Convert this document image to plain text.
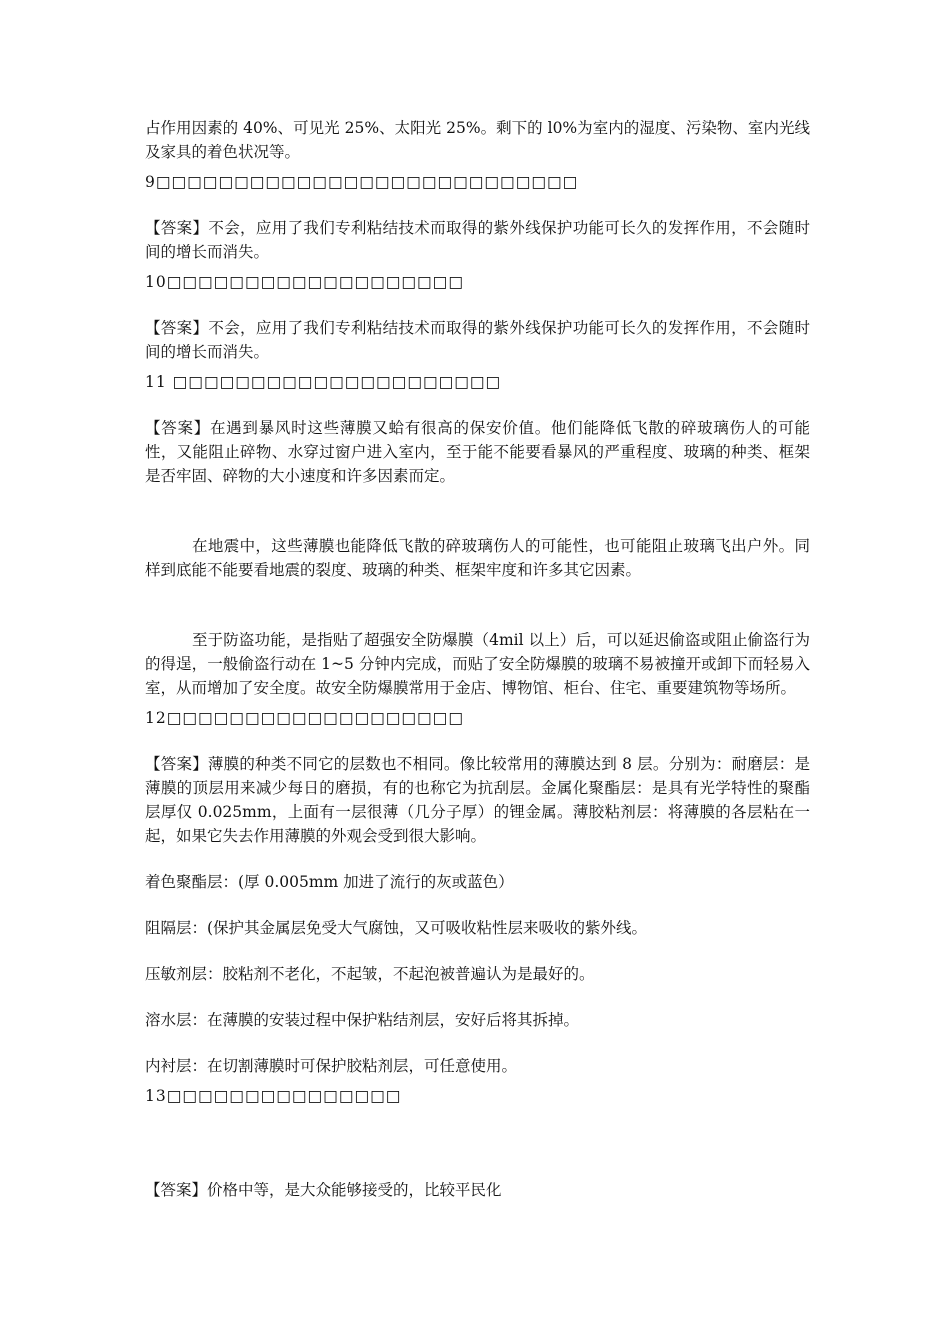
占作用因素的 40%、可见光 25%、太阳光 25%。剩下的 l0%为室内的湿度、污染物、室内光线及家具的着色状况等。

9□□□□□□□□□□□□□□□□□□□□□□□□□□□

【答案】不会，应用了我们专利粘结技术而取得的紫外线保护功能可长久的发挥作用，不会随时间的增长而消失。

10□□□□□□□□□□□□□□□□□□□

【答案】不会，应用了我们专利粘结技术而取得的紫外线保护功能可长久的发挥作用，不会随时间的增长而消失。

11 □□□□□□□□□□□□□□□□□□□□□

【答案】在遇到暴风时这些薄膜又蛤有很高的保安价值。他们能降低飞散的碎玻璃伤人的可能性，又能阻止碎物、水穿过窗户进入室内，至于能不能要看暴风的严重程度、玻璃的种类、框架是否牢固、碎物的大小速度和许多因素而定。

在地震中，这些薄膜也能降低飞散的碎玻璃伤人的可能性，也可能阻止玻璃飞出户外。同样到底能不能要看地震的裂度、玻璃的种类、框架牢度和许多其它因素。

至于防盗功能，是指贴了超强安全防爆膜（4mil 以上）后，可以延迟偷盗或阻止偷盗行为的得逞，一般偷盗行动在 1~5 分钟内完成，而贴了安全防爆膜的玻璃不易被撞开或卸下而轻易入室，从而增加了安全度。故安全防爆膜常用于金店、博物馆、柜台、住宅、重要建筑物等场所。

12□□□□□□□□□□□□□□□□□□□

【答案】薄膜的种类不同它的层数也不相同。像比较常用的薄膜达到 8 层。分别为：耐磨层：是薄膜的顶层用来减少每日的磨损，有的也称它为抗刮层。金属化聚酯层：是具有光学特性的聚酯层厚仅 0.025mm，上面有一层很薄（几分子厚）的锂金属。薄胶粘剂层：将薄膜的各层粘在一起，如果它失去作用薄膜的外观会受到很大影响。

着色聚酯层：(厚 0.005mm 加进了流行的灰或蓝色）

阻隔层：(保护其金属层免受大气腐蚀，又可吸收粘性层来吸收的紫外线。

压敏剂层：胶粘剂不老化，不起皱，不起泡被普遍认为是最好的。

溶水层：在薄膜的安装过程中保护粘结剂层，安好后将其拆掉。

内衬层：在切割薄膜时可保护胶粘剂层，可任意使用。

13□□□□□□□□□□□□□□□

【答案】价格中等，是大众能够接受的，比较平民化
